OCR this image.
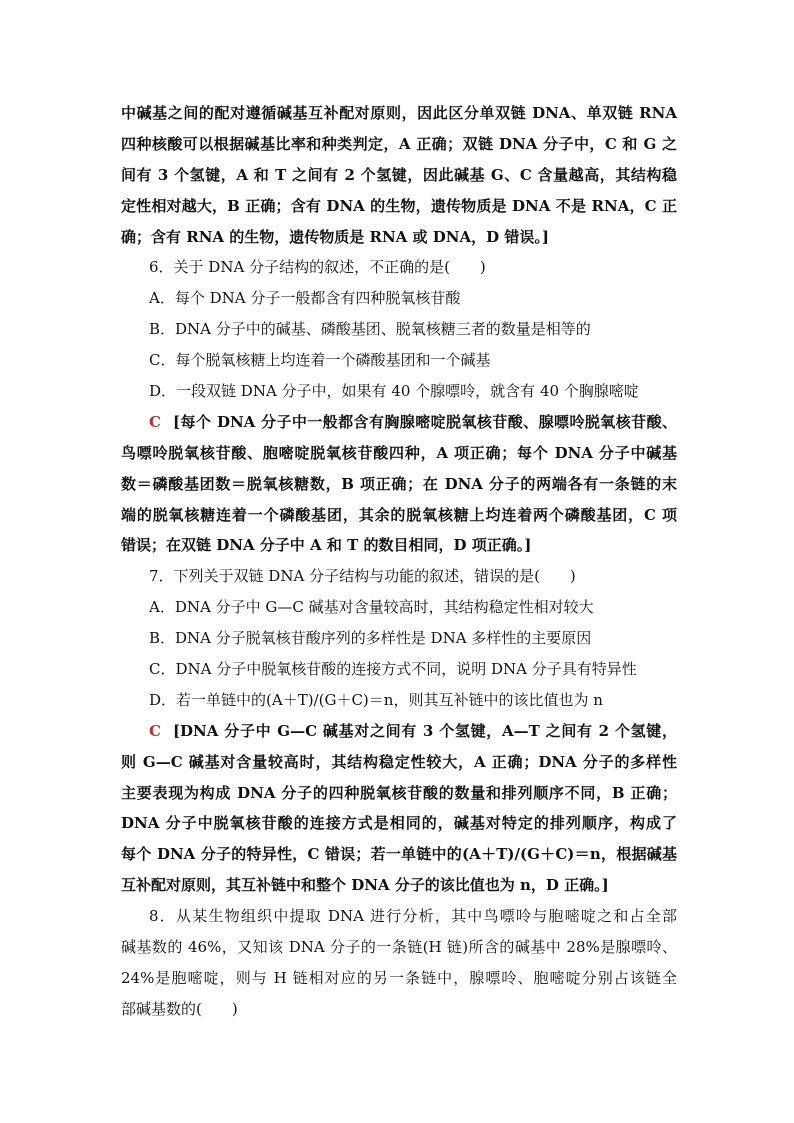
中碱基之间的配对遵循碱基互补配对原则，因此区分单双链 DNA、单双链 RNA
四种核酸可以根据碱基比率和种类判定，A 正确；双链 DNA 分子中，C 和 G 之
间有 3 个氢键，A 和 T 之间有 2 个氢键，因此碱基 G、C 含量越高，其结构稳
定性相对越大，B 正确；含有 DNA 的生物，遗传物质是 DNA 不是 RNA，C 正
确；含有 RNA 的生物，遗传物质是 RNA 或 DNA，D 错误。]
6．关于 DNA 分子结构的叙述，不正确的是(　　)
A．每个 DNA 分子一般都含有四种脱氧核苷酸
B．DNA 分子中的碱基、磷酸基团、脱氧核糖三者的数量是相等的
C．每个脱氧核糖上均连着一个磷酸基团和一个碱基
D．一段双链 DNA 分子中，如果有 40 个腺嘌呤，就含有 40 个胸腺嘧啶
C [每个 DNA 分子中一般都含有胸腺嘧啶脱氧核苷酸、腺嘌呤脱氧核苷酸、
鸟嘌呤脱氧核苷酸、胞嘧啶脱氧核苷酸四种，A 项正确；每个 DNA 分子中碱基
数＝磷酸基团数＝脱氧核糖数，B 项正确；在 DNA 分子的两端各有一条链的末
端的脱氧核糖连着一个磷酸基团，其余的脱氧核糖上均连着两个磷酸基团，C 项
错误；在双链 DNA 分子中 A 和 T 的数目相同，D 项正确。]
7．下列关于双链 DNA 分子结构与功能的叙述，错误的是(　　)
A．DNA 分子中 G—C 碱基对含量较高时，其结构稳定性相对较大
B．DNA 分子脱氧核苷酸序列的多样性是 DNA 多样性的主要原因
C．DNA 分子中脱氧核苷酸的连接方式不同，说明 DNA 分子具有特异性
D．若一单链中的(A＋T)/(G＋C)＝n，则其互补链中的该比值也为 n
C [DNA 分子中 G—C 碱基对之间有 3 个氢键，A—T 之间有 2 个氢键，
则 G—C 碱基对含量较高时，其结构稳定性较大，A 正确；DNA 分子的多样性
主要表现为构成 DNA 分子的四种脱氧核苷酸的数量和排列顺序不同，B 正确；
DNA 分子中脱氧核苷酸的连接方式是相同的，碱基对特定的排列顺序，构成了
每个 DNA 分子的特异性，C 错误；若一单链中的(A＋T)/(G＋C)＝n，根据碱基
互补配对原则，其互补链中和整个 DNA 分子的该比值也为 n，D 正确。]
8．从某生物组织中提取 DNA 进行分析，其中鸟嘌呤与胞嘧啶之和占全部
碱基数的 46%，又知该 DNA 分子的一条链(H 链)所含的碱基中 28%是腺嘌呤、
24%是胞嘧啶，则与 H 链相对应的另一条链中，腺嘌呤、胞嘧啶分别占该链全
部碱基数的(　　)
